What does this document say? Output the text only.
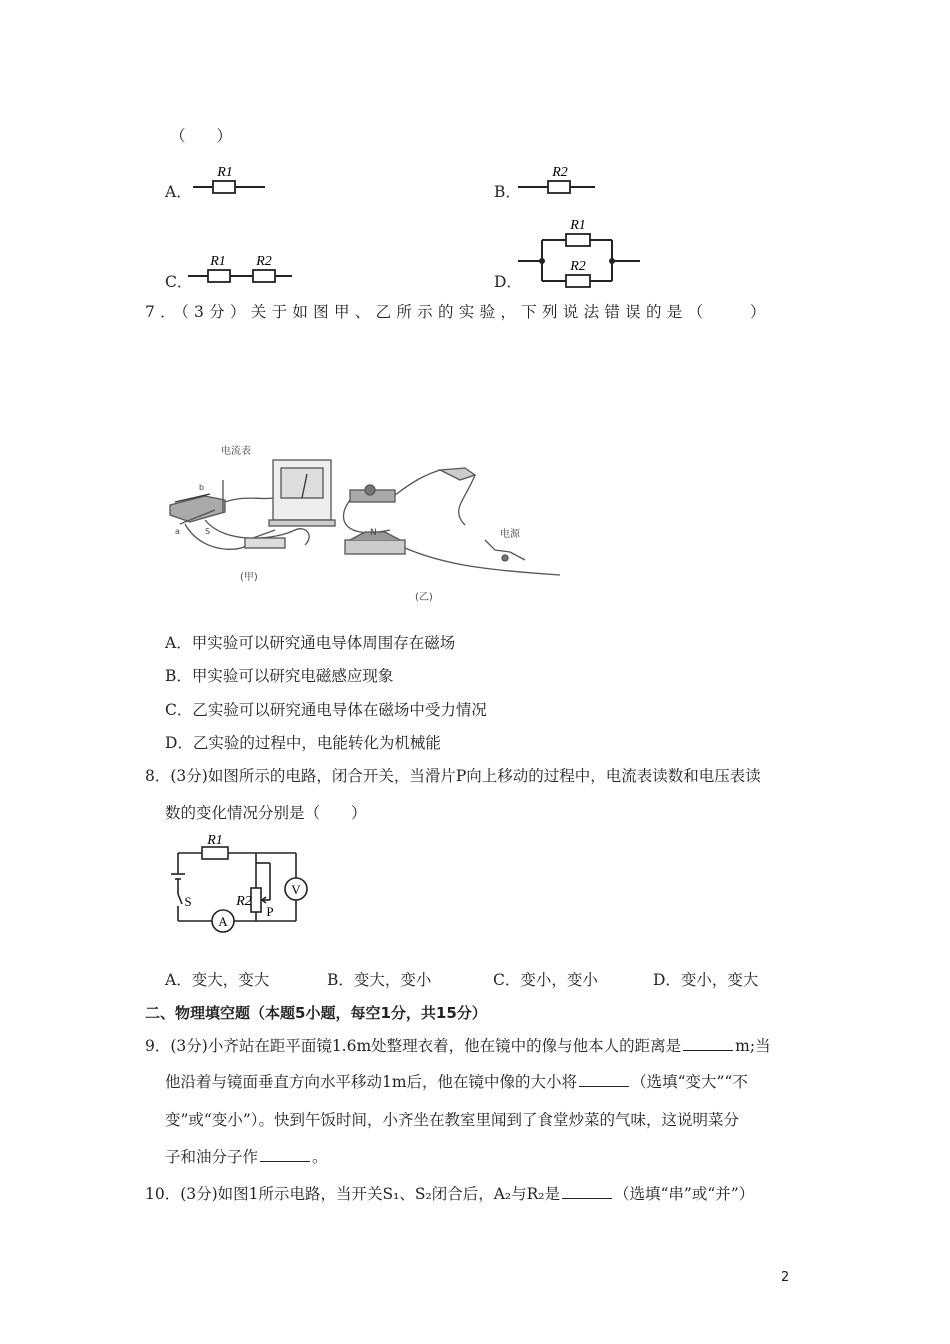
（　　）
A．
R1
B．
R2
C．
R1 R2
D．
R1
R2
7．（3分）关于如图甲、乙所示的实验，下列说法错误的是（　　）
电流表
b
a	S	N	电源
(甲)
(乙)
A．甲实验可以研究通电导体周围存在磁场
B．甲实验可以研究电磁感应现象
C．乙实验可以研究通电导体在磁场中受力情况
D．乙实验的过程中，电能转化为机械能
8．(3分)如图所示的电路，闭合开关，当滑片P向上移动的过程中，电流表读数和电压表读
数的变化情况分别是（　　）
V
A
R1
R2
P
S
A．变大，变大	B．变大，变小	C．变小，变小	D．变小，变大
二、物理填空题（本题5小题，每空1分，共15分）
9．(3分)小齐站在距平面镜1.6m处整理衣着，他在镜中的像与他本人的距离是	m;当
他沿着与镜面垂直方向水平移动1m后，他在镜中像的大小将	（选填“变大”“不
变”或“变小”）。快到午饭时间，小齐坐在教室里闻到了食堂炒菜的气味，这说明菜分
子和油分子作	。
10．(3分)如图1所示电路，当开关S₁、S₂闭合后，A₂与R₂是	（选填“串”或“并”）
2
